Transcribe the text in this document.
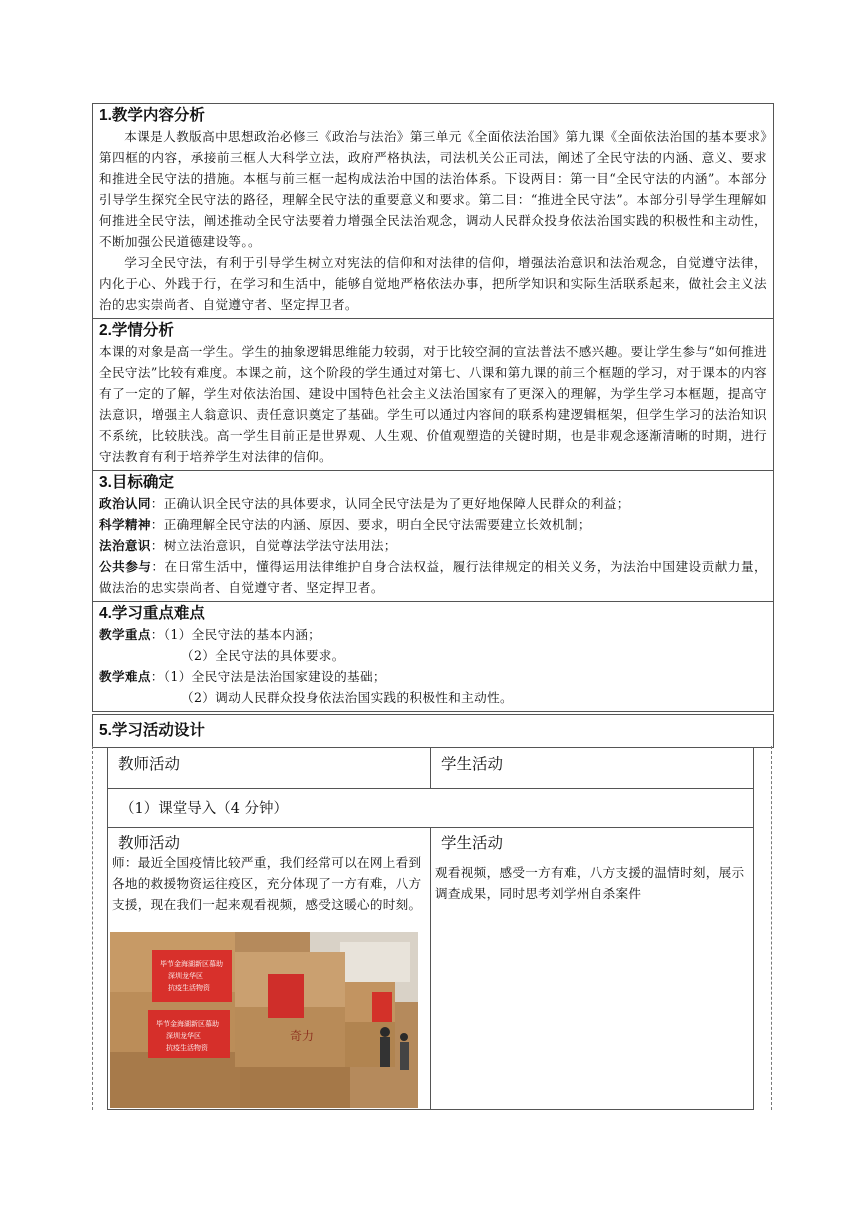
1.教学内容分析

本课是人教版高中思想政治必修三《政治与法治》第三单元《全面依法治国》第九课《全面依法治国的基本要求》第四框的内容，承接前三框人大科学立法，政府严格执法，司法机关公正司法，阐述了全民守法的内涵、意义、要求和推进全民守法的措施。本框与前三框一起构成法治中国的法治体系。下设两目：第一目“全民守法的内涵”。本部分引导学生探究全民守法的路径，理解全民守法的重要意义和要求。第二目：“推进全民守法”。本部分引导学生理解如何推进全民守法，阐述推动全民守法要着力增强全民法治观念，调动人民群众投身依法治国实践的积极性和主动性，不断加强公民道德建设等。。

学习全民守法，有利于引导学生树立对宪法的信仰和对法律的信仰，增强法治意识和法治观念，自觉遵守法律，内化于心、外践于行，在学习和生活中，能够自觉地严格依法办事，把所学知识和实际生活联系起来，做社会主义法治的忠实崇尚者、自觉遵守者、坚定捍卫者。

2.学情分析

本课的对象是高一学生。学生的抽象逻辑思维能力较弱，对于比较空洞的宣法普法不感兴趣。要让学生参与“如何推进全民守法”比较有难度。本课之前，这个阶段的学生通过对第七、八课和第九课的前三个框题的学习，对于课本的内容有了一定的了解，学生对依法治国、建设中国特色社会主义法治国家有了更深入的理解，为学生学习本框题，提高守法意识，增强主人翁意识、责任意识奠定了基础。学生可以通过内容间的联系构建逻辑框架，但学生学习的法治知识不系统，比较肤浅。高一学生目前正是世界观、人生观、价值观塑造的关键时期，也是非观念逐渐清晰的时期，进行守法教育有利于培养学生对法律的信仰。

3.目标确定

政治认同：正确认识全民守法的具体要求，认同全民守法是为了更好地保障人民群众的利益；

科学精神：正确理解全民守法的内涵、原因、要求，明白全民守法需要建立长效机制；

法治意识：树立法治意识，自觉尊法学法守法用法；

公共参与：在日常生活中，懂得运用法律维护自身合法权益，履行法律规定的相关义务，为法治中国建设贡献力量，做法治的忠实崇尚者、自觉遵守者、坚定捍卫者。

4.学习重点难点

教学重点：（1）全民守法的基本内涵；

（2）全民守法的具体要求。

教学难点：（1）全民守法是法治国家建设的基础；

（2）调动人民群众投身依法治国实践的积极性和主动性。

5.学习活动设计
教师活动	学生活动
（1）课堂导入（4 分钟）
教师活动
师：最近全国疫情比较严重，我们经常可以在网上看到各地的救援物资运往疫区，充分体现了一方有难，八方支援，现在我们一起来观看视频，感受这暖心的时刻。
毕节金海湖新区慕助
深圳龙华区
抗疫生活物资
毕节金海湖新区慕助
深圳龙华区
抗疫生活物资
奇力
学生活动
观看视频，感受一方有难，八方支援的温情时刻，展示调查成果，同时思考刘学州自杀案件
